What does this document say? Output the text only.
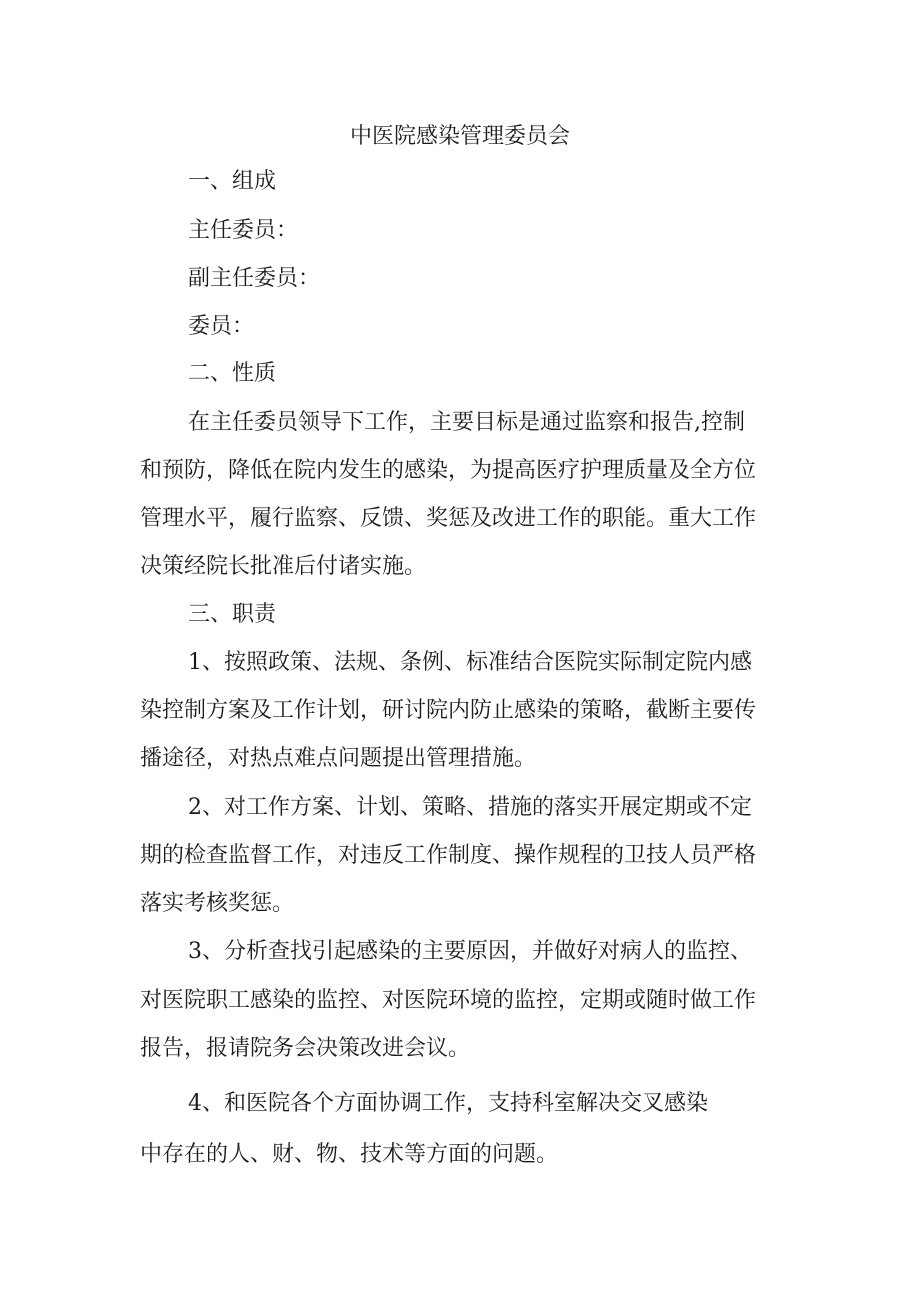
中医院感染管理委员会
一、组成
主任委员：
副主任委员：
委员：
二、性质
在主任委员领导下工作，主要目标是通过监察和报告,控制
和预防，降低在院内发生的感染，为提高医疗护理质量及全方位
管理水平，履行监察、反馈、奖惩及改进工作的职能。重大工作
决策经院长批准后付诸实施。
三、职责
1、按照政策、法规、条例、标准结合医院实际制定院内感
染控制方案及工作计划，研讨院内防止感染的策略，截断主要传
播途径，对热点难点问题提出管理措施。
2、对工作方案、计划、策略、措施的落实开展定期或不定
期的检查监督工作，对违反工作制度、操作规程的卫技人员严格
落实考核奖惩。
3、分析查找引起感染的主要原因，并做好对病人的监控、
对医院职工感染的监控、对医院环境的监控，定期或随时做工作
报告，报请院务会决策改进会议。
4、和医院各个方面协调工作，支持科室解决交叉感染
中存在的人、财、物、技术等方面的问题。
